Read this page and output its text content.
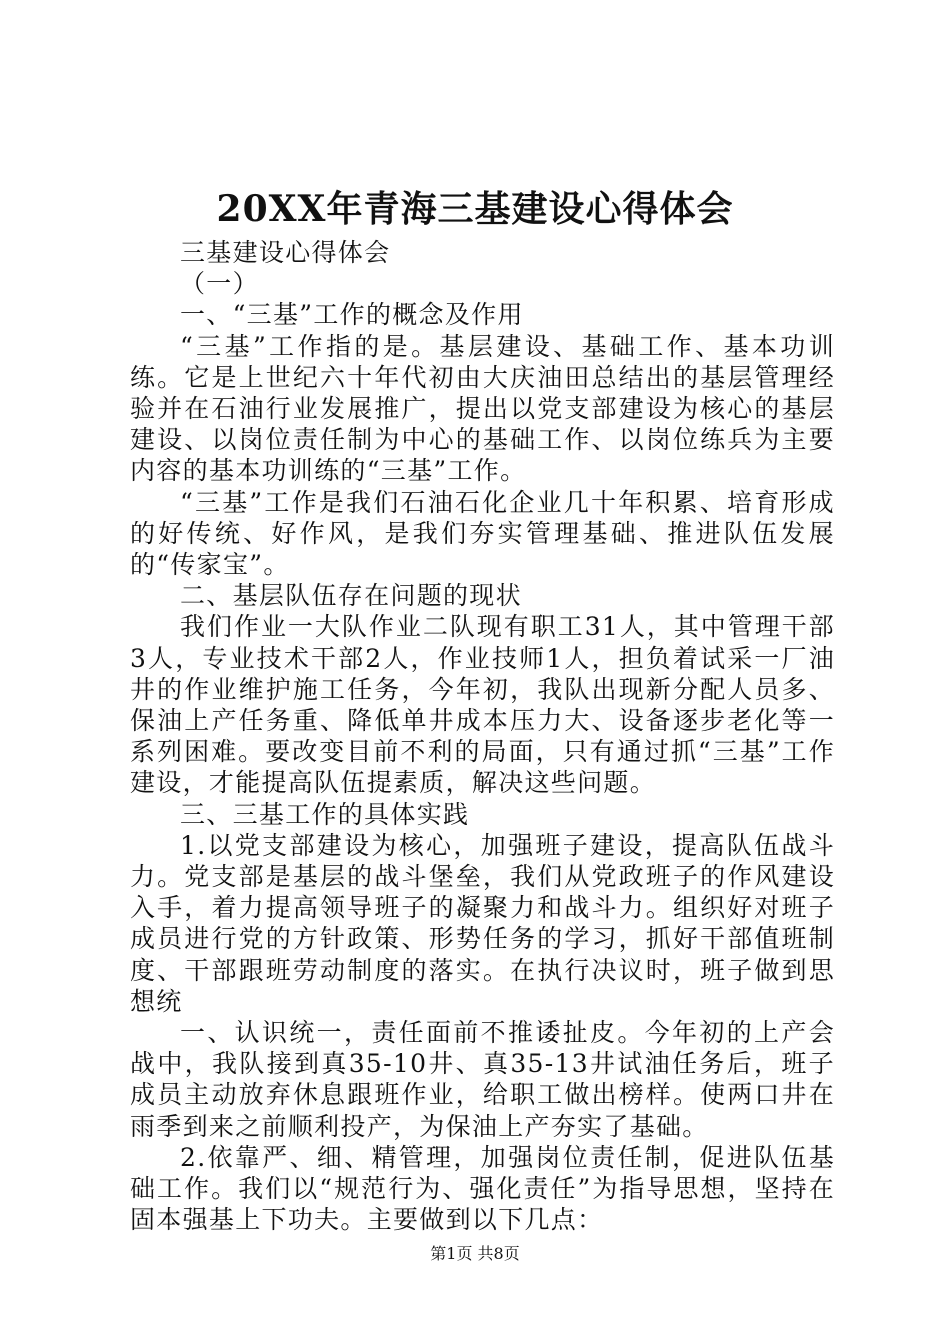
20XX年青海三基建设心得体会

三基建设心得体会

（一）

一、“三基”工作的概念及作用

“三基”工作指的是。基层建设、基础工作、基本功训练。它是上世纪六十年代初由大庆油田总结出的基层管理经验并在石油行业发展推广，提出以党支部建设为核心的基层建设、以岗位责任制为中心的基础工作、以岗位练兵为主要内容的基本功训练的“三基”工作。

“三基”工作是我们石油石化企业几十年积累、培育形成的好传统、好作风，是我们夯实管理基础、推进队伍发展的“传家宝”。

二、基层队伍存在问题的现状

我们作业一大队作业二队现有职工31人，其中管理干部3人，专业技术干部2人，作业技师1人，担负着试采一厂油井的作业维护施工任务，今年初，我队出现新分配人员多、保油上产任务重、降低单井成本压力大、设备逐步老化等一系列困难。要改变目前不利的局面，只有通过抓“三基”工作建设，才能提高队伍提素质，解决这些问题。

三、三基工作的具体实践

1.以党支部建设为核心，加强班子建设，提高队伍战斗力。党支部是基层的战斗堡垒，我们从党政班子的作风建设入手，着力提高领导班子的凝聚力和战斗力。组织好对班子成员进行党的方针政策、形势任务的学习，抓好干部值班制度、干部跟班劳动制度的落实。在执行决议时，班子做到思想统

一、认识统一，责任面前不推诿扯皮。今年初的上产会战中，我队接到真35-10井、真35-13井试油任务后，班子成员主动放弃休息跟班作业，给职工做出榜样。使两口井在雨季到来之前顺利投产，为保油上产夯实了基础。

2.依靠严、细、精管理，加强岗位责任制，促进队伍基础工作。我们以“规范行为、强化责任”为指导思想，坚持在固本强基上下功夫。主要做到以下几点：

第1页 共8页
